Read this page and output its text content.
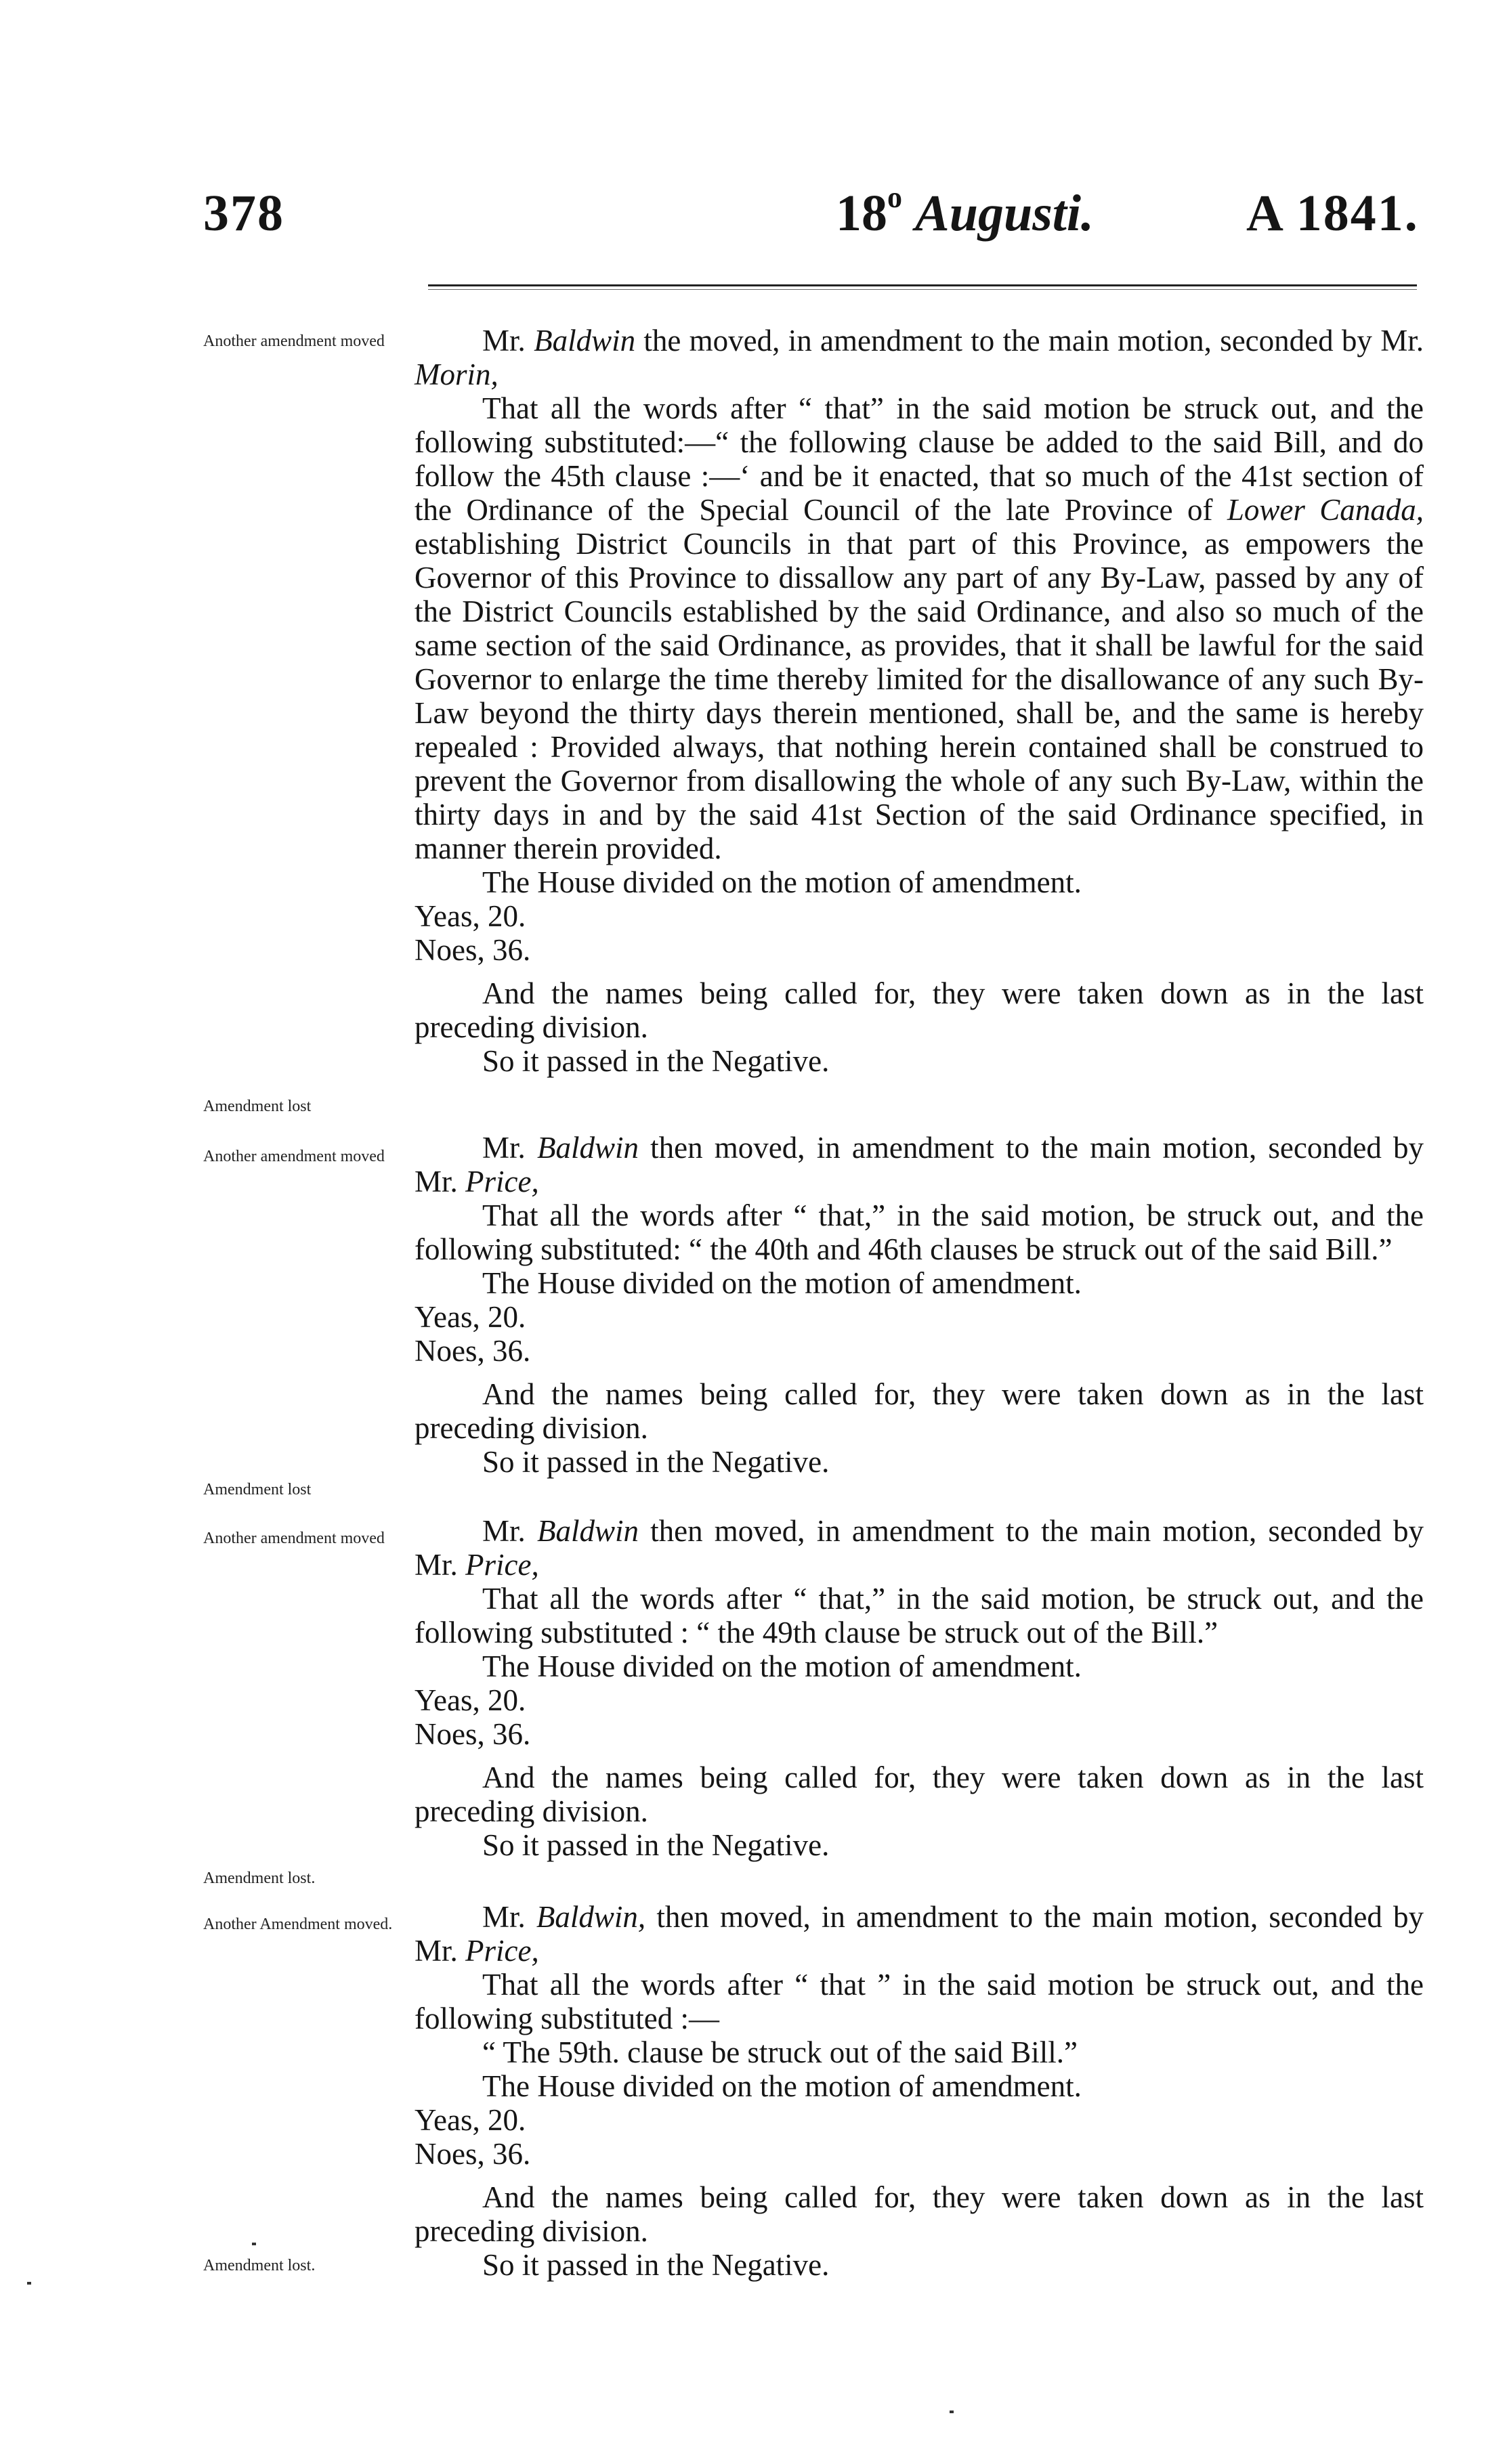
378	18$^o$ Augusti.	A 1841.
Another amendment moved
Amendment lost
Another amendment moved
Amendment lost
Another amendment moved
Amendment lost.
Another Amendment moved.
Amendment lost.

Mr. Baldwin the moved, in amendment to the main motion, seconded by Mr. Morin,

That all the words after “ that” in the said motion be struck out, and the following substituted:—“ the following clause be added to the said Bill, and do follow the 45th clause :—‘ and be it enacted, that so much of the 41st section of the Ordinance of the Special Council of the late Province of Lower Canada, establishing District Councils in that part of this Province, as empowers the Governor of this Province to dissallow any part of any By-Law, passed by any of the District Councils established by the said Ordinance, and also so much of the same section of the said Ordinance, as provides, that it shall be lawful for the said Governor to enlarge the time thereby limited for the disallowance of any such By-Law beyond the thirty days therein mentioned, shall be, and the same is hereby repealed : Provided always, that nothing herein contained shall be construed to prevent the Governor from disallowing the whole of any such By-Law, within the thirty days in and by the said 41st Section of the said Ordinance specified, in manner therein provided.

The House divided on the motion of amendment.

Yeas, 20.
Noes, 36.

And the names being called for, they were taken down as in the last preceding division.

So it passed in the Negative.

Mr. Baldwin then moved, in amendment to the main motion, seconded by Mr. Price,

That all the words after “ that,” in the said motion, be struck out, and the following substituted: “ the 40th and 46th clauses be struck out of the said Bill.”

The House divided on the motion of amendment.

Yeas, 20.
Noes, 36.

And the names being called for, they were taken down as in the last preceding division.

So it passed in the Negative.

Mr. Baldwin then moved, in amendment to the main motion, seconded by Mr. Price,

That all the words after “ that,” in the said motion, be struck out, and the following substituted : “ the 49th clause be struck out of the Bill.”

The House divided on the motion of amendment.

Yeas, 20.
Noes, 36.

And the names being called for, they were taken down as in the last preceding division.

So it passed in the Negative.

Mr. Baldwin, then moved, in amendment to the main motion, seconded by Mr. Price,

That all the words after “ that ” in the said motion be struck out, and the following substituted :—

“ The 59th. clause be struck out of the said Bill.”

The House divided on the motion of amendment.

Yeas, 20.
Noes, 36.

And the names being called for, they were taken down as in the last preceding division.

So it passed in the Negative.
